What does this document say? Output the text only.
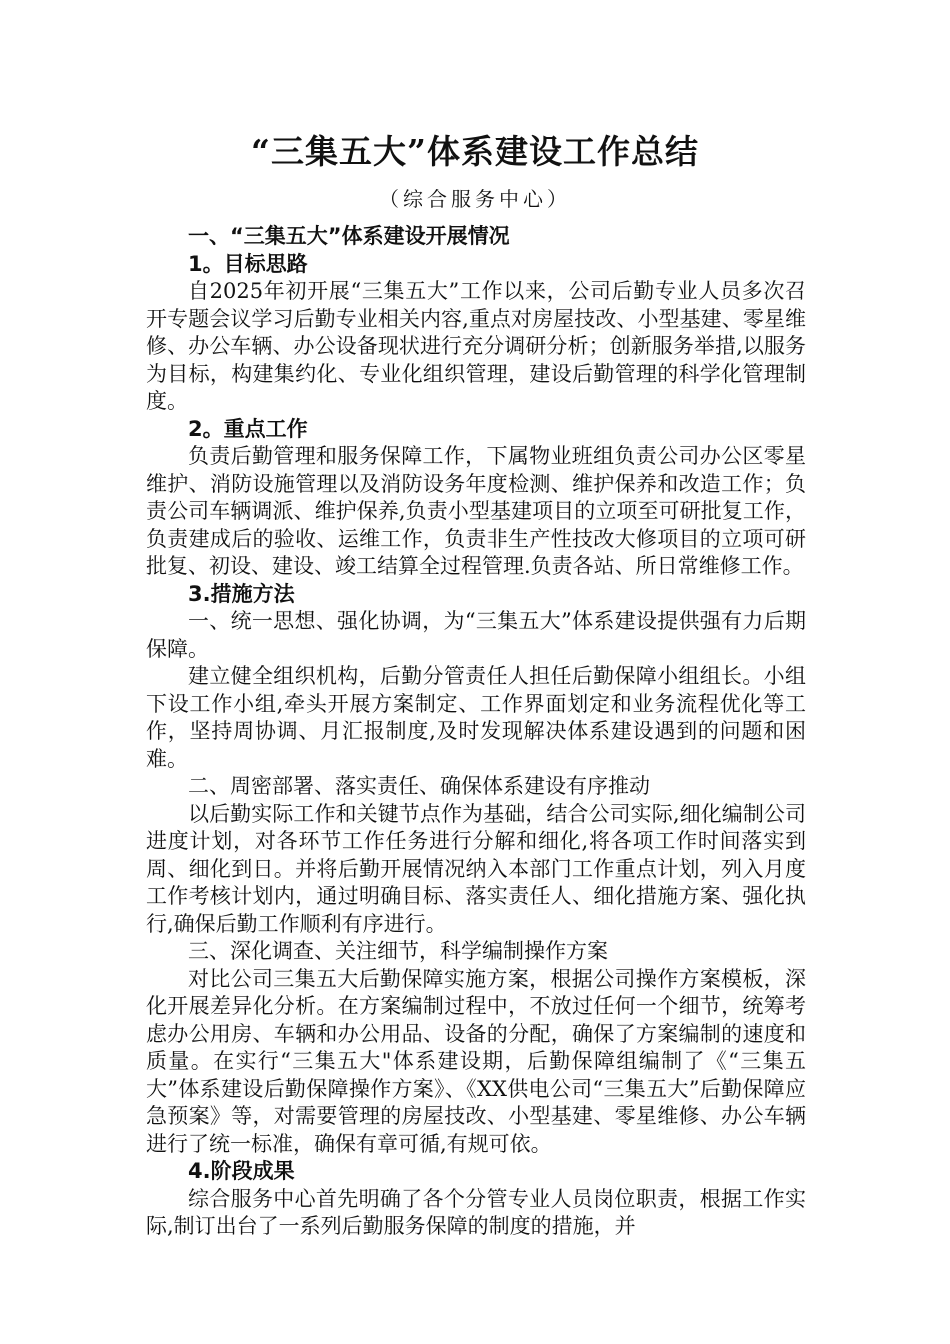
“三集五大”体系建设工作总结
（综合服务中心）

一、“三集五大”体系建设开展情况

1。目标思路

自2025年初开展“三集五大”工作以来，公司后勤专业人员多次召开专题会议学习后勤专业相关内容,重点对房屋技改、小型基建、零星维修、办公车辆、办公设备现状进行充分调研分析；创新服务举措,以服务为目标，构建集约化、专业化组织管理，建设后勤管理的科学化管理制度。

2。重点工作

负责后勤管理和服务保障工作，下属物业班组负责公司办公区零星维护、消防设施管理以及消防设务年度检测、维护保养和改造工作；负责公司车辆调派、维护保养,负责小型基建项目的立项至可研批复工作，负责建成后的验收、运维工作，负责非生产性技改大修项目的立项可研批复、初设、建设、竣工结算全过程管理.负责各站、所日常维修工作。

3.措施方法

一、统一思想、强化协调，为“三集五大”体系建设提供强有力后期保障。

建立健全组织机构，后勤分管责任人担任后勤保障小组组长。小组下设工作小组,牵头开展方案制定、工作界面划定和业务流程优化等工作，坚持周协调、月汇报制度,及时发现解决体系建设遇到的问题和困难。

二、周密部署、落实责任、确保体系建设有序推动

以后勤实际工作和关键节点作为基础，结合公司实际,细化编制公司进度计划，对各环节工作任务进行分解和细化,将各项工作时间落实到周、细化到日。并将后勤开展情况纳入本部门工作重点计划，列入月度工作考核计划内，通过明确目标、落实责任人、细化措施方案、强化执行,确保后勤工作顺利有序进行。

三、深化调查、关注细节，科学编制操作方案

对比公司三集五大后勤保障实施方案，根据公司操作方案模板，深化开展差异化分析。在方案编制过程中，不放过任何一个细节，统筹考虑办公用房、车辆和办公用品、设备的分配，确保了方案编制的速度和质量。在实行“三集五大"体系建设期，后勤保障组编制了《“三集五大”体系建设后勤保障操作方案》、《XX供电公司“三集五大”后勤保障应急预案》等，对需要管理的房屋技改、小型基建、零星维修、办公车辆进行了统一标准，确保有章可循,有规可依。

4.阶段成果

综合服务中心首先明确了各个分管专业人员岗位职责，根据工作实际,制订出台了一系列后勤服务保障的制度的措施，并
